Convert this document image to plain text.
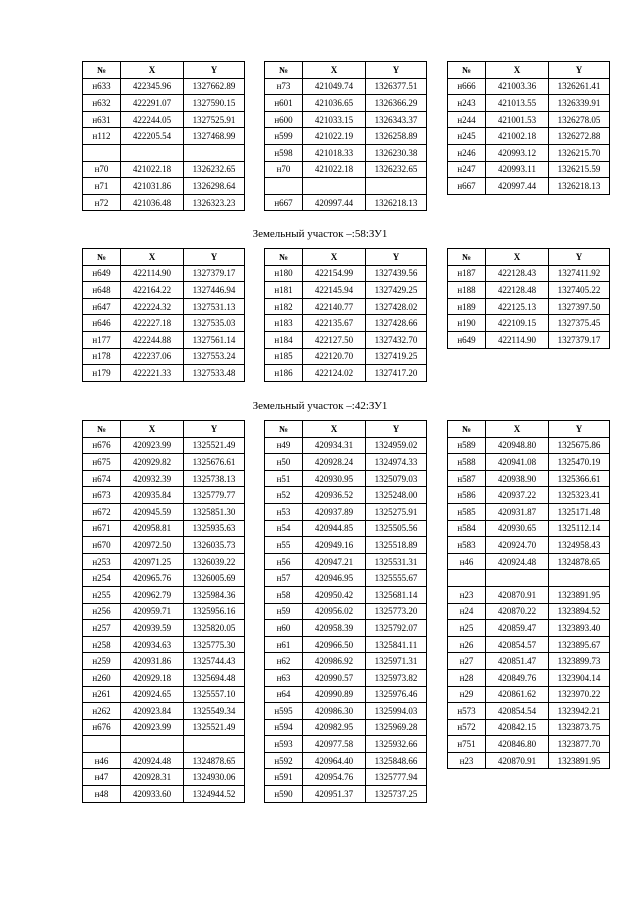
№	X	Y
н633	422345.96	1327662.89
н632	422291.07	1327590.15
н631	422244.05	1327525.91
н112	422205.54	1327468.99

н70	421022.18	1326232.65
н71	421031.86	1326298.64
н72	421036.48	1326323.23
№	X	Y
н73	421049.74	1326377.51
н601	421036.65	1326366.29
н600	421033.15	1326343.37
н599	421022.19	1326258.89
н598	421018.33	1326230.38
н70	421022.18	1326232.65

н667	420997.44	1326218.13
№	X	Y
н666	421003.36	1326261.41
н243	421013.55	1326339.91
н244	421001.53	1326278.05
н245	421002.18	1326272.88
н246	420993.12	1326215.70
н247	420993.11	1326215.59
н667	420997.44	1326218.13
Земельный участок –:58:ЗУ1
№	X	Y
н649	422114.90	1327379.17
н648	422164.22	1327446.94
н647	422224.32	1327531.13
н646	422227.18	1327535.03
н177	422244.88	1327561.14
н178	422237.06	1327553.24
н179	422221.33	1327533.48
№	X	Y
н180	422154.99	1327439.56
н181	422145.94	1327429.25
н182	422140.77	1327428.02
н183	422135.67	1327428.66
н184	422127.50	1327432.70
н185	422120.70	1327419.25
н186	422124.02	1327417.20
№	X	Y
н187	422128.43	1327411.92
н188	422128.48	1327405.22
н189	422125.13	1327397.50
н190	422109.15	1327375.45
н649	422114.90	1327379.17
Земельный участок –:42:ЗУ1
№	X	Y
н676	420923.99	1325521.49
н675	420929.82	1325676.61
н674	420932.39	1325738.13
н673	420935.84	1325779.77
н672	420945.59	1325851.30
н671	420958.81	1325935.63
н670	420972.50	1326035.73
н253	420971.25	1326039.22
н254	420965.76	1326005.69
н255	420962.79	1325984.36
н256	420959.71	1325956.16
н257	420939.59	1325820.05
н258	420934.63	1325775.30
н259	420931.86	1325744.43
н260	420929.18	1325694.48
н261	420924.65	1325557.10
н262	420923.84	1325549.34
н676	420923.99	1325521.49

н46	420924.48	1324878.65
н47	420928.31	1324930.06
н48	420933.60	1324944.52
№	X	Y
н49	420934.31	1324959.02
н50	420928.24	1324974.33
н51	420930.95	1325079.03
н52	420936.52	1325248.00
н53	420937.89	1325275.91
н54	420944.85	1325505.56
н55	420949.16	1325518.89
н56	420947.21	1325531.31
н57	420946.95	1325555.67
н58	420950.42	1325681.14
н59	420956.02	1325773.20
н60	420958.39	1325792.07
н61	420966.50	1325841.11
н62	420986.92	1325971.31
н63	420990.57	1325973.82
н64	420990.89	1325976.46
н595	420986.30	1325994.03
н594	420982.95	1325969.28
н593	420977.58	1325932.66
н592	420964.40	1325848.66
н591	420954.76	1325777.94
н590	420951.37	1325737.25
№	X	Y
н589	420948.80	1325675.86
н588	420941.08	1325470.19
н587	420938.90	1325366.61
н586	420937.22	1325323.41
н585	420931.87	1325171.48
н584	420930.65	1325112.14
н583	420924.70	1324958.43
н46	420924.48	1324878.65

н23	420870.91	1323891.95
н24	420870.22	1323894.52
н25	420859.47	1323893.40
н26	420854.57	1323895.67
н27	420851.47	1323899.73
н28	420849.76	1323904.14
н29	420861.62	1323970.22
н573	420854.54	1323942.21
н572	420842.15	1323873.75
н751	420846.80	1323877.70
н23	420870.91	1323891.95
